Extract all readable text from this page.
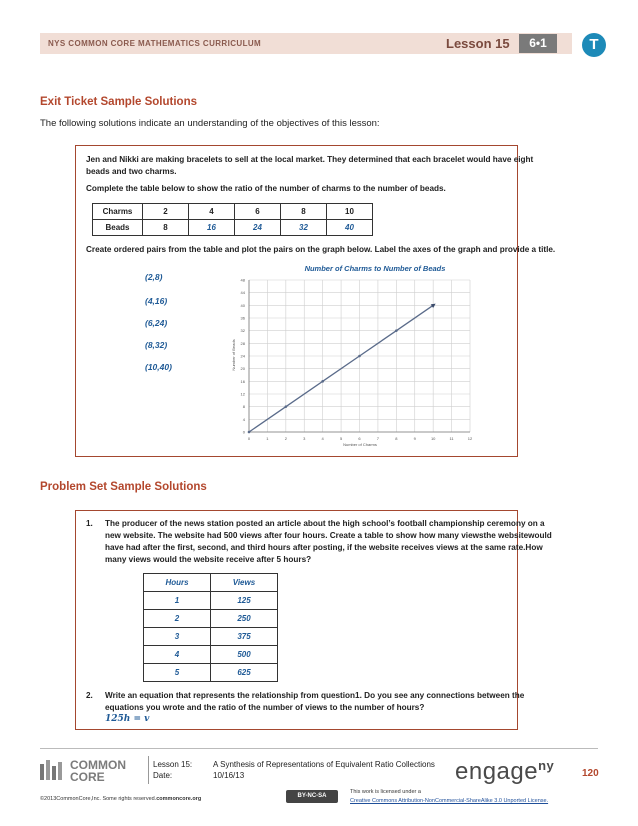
NYS COMMON CORE MATHEMATICS CURRICULUM	Lesson 15	6•1	T
Exit Ticket Sample Solutions
The following solutions indicate an understanding of the objectives of this lesson:
Jen and Nikki are making bracelets to sell at the local market. They determined that each bracelet would have eight
beads and two charms.
Complete the table below to show the ratio of the number of charms to the number of beads.
Charms	2	4	6	8	10
Beads	8	16	24	32	40
Create ordered pairs from the table and plot the pairs on the graph below. Label the axes of the graph and provide a title.
(2,8)
(4,16)
(6,24)
(8,32)
(10,40)
Number of Charms to Number of Beads
0	1	2	3	4	5	6	7	8	9	10	11	12
0
4
8
12
16
20
24
28
32
36
40
44
48
Number of Charms
Number of Beads
Problem Set Sample Solutions
1. The producer of the news station posted an article about the high school’s football championship ceremony on a
new website. The website had 500 views after four hours. Create a table to show how many viewsthe websitewould
have had after the first, second, and third hours after posting, if the website receives views at the same rate.How
many views would the website receive after 5 hours?
Hours	Views
1	125
2	250
3	375
4	500
5	625
2. Write an equation that represents the relationship from question1. Do you see any connections between the
equations you wrote and the ratio of the number of views to the number of hours?
125h = v
COMMON
CORE
Lesson 15:
Date:
A Synthesis of Representations of Equivalent Ratio Collections
10/16/13	engage$^{ny}$
120
©2013CommonCore,Inc. Some rights reserved.commoncore.org	BY-NC-SA
This work is licensed under a
Creative Commons Attribution-NonCommercial-ShareAlike 3.0 Unported License.
